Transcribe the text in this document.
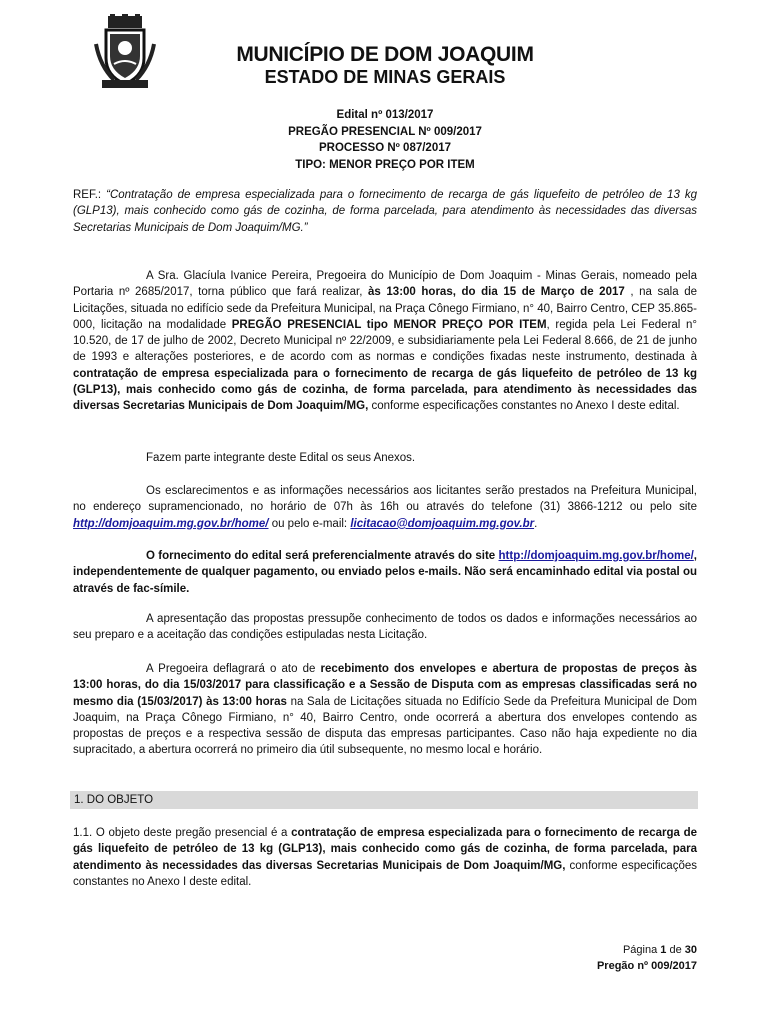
MUNICÍPIO DE DOM JOAQUIM
ESTADO DE MINAS GERAIS
Edital nº 013/2017
PREGÃO PRESENCIAL Nº 009/2017
PROCESSO Nº 087/2017
TIPO: MENOR PREÇO POR ITEM
REF.: “Contratação de empresa especializada para o fornecimento de recarga de gás liquefeito de petróleo de 13 kg (GLP13), mais conhecido como gás de cozinha, de forma parcelada, para atendimento às necessidades das diversas Secretarias Municipais de Dom Joaquim/MG.”
A Sra. Glacíula Ivanice Pereira, Pregoeira do Município de Dom Joaquim - Minas Gerais, nomeado pela Portaria nº 2685/2017, torna público que fará realizar, às 13:00 horas, do dia 15 de Março de 2017 , na sala de Licitações, situada no edifício sede da Prefeitura Municipal, na Praça Cônego Firmiano, n° 40, Bairro Centro, CEP 35.865-000, licitação na modalidade PREGÃO PRESENCIAL tipo MENOR PREÇO POR ITEM, regida pela Lei Federal n° 10.520, de 17 de julho de 2002, Decreto Municipal nº 22/2009, e subsidiariamente pela Lei Federal 8.666, de 21 de junho de 1993 e alterações posteriores, e de acordo com as normas e condições fixadas neste instrumento, destinada à contratação de empresa especializada para o fornecimento de recarga de gás liquefeito de petróleo de 13 kg (GLP13), mais conhecido como gás de cozinha, de forma parcelada, para atendimento às necessidades das diversas Secretarias Municipais de Dom Joaquim/MG, conforme especificações constantes no Anexo I deste edital.
Fazem parte integrante deste Edital os seus Anexos.
Os esclarecimentos e as informações necessários aos licitantes serão prestados na Prefeitura Municipal, no endereço supramencionado, no horário de 07h às 16h ou através do telefone (31) 3866-1212 ou pelo site http://domjoaquim.mg.gov.br/home/ ou pelo e-mail: licitacao@domjoaquim.mg.gov.br.
O fornecimento do edital será preferencialmente através do site http://domjoaquim.mg.gov.br/home/, independentemente de qualquer pagamento, ou enviado pelos e-mails. Não será encaminhado edital via postal ou através de fac-símile.
A apresentação das propostas pressupõe conhecimento de todos os dados e informações necessários ao seu preparo e a aceitação das condições estipuladas nesta Licitação.
A Pregoeira deflagrará o ato de recebimento dos envelopes e abertura de propostas de preços às 13:00 horas, do dia 15/03/2017 para classificação e a Sessão de Disputa com as empresas classificadas será no mesmo dia (15/03/2017) às 13:00 horas na Sala de Licitações situada no Edifício Sede da Prefeitura Municipal de Dom Joaquim, na Praça Cônego Firmiano, n° 40, Bairro Centro, onde ocorrerá a abertura dos envelopes contendo as propostas de preços e a respectiva sessão de disputa das empresas participantes. Caso não haja expediente no dia supracitado, a abertura ocorrerá no primeiro dia útil subsequente, no mesmo local e horário.
1. DO OBJETO
1.1. O objeto deste pregão presencial é a contratação de empresa especializada para o fornecimento de recarga de gás liquefeito de petróleo de 13 kg (GLP13), mais conhecido como gás de cozinha, de forma parcelada, para atendimento às necessidades das diversas Secretarias Municipais de Dom Joaquim/MG, conforme especificações constantes no Anexo I deste edital.
Página 1 de 30
Pregão nº 009/2017
